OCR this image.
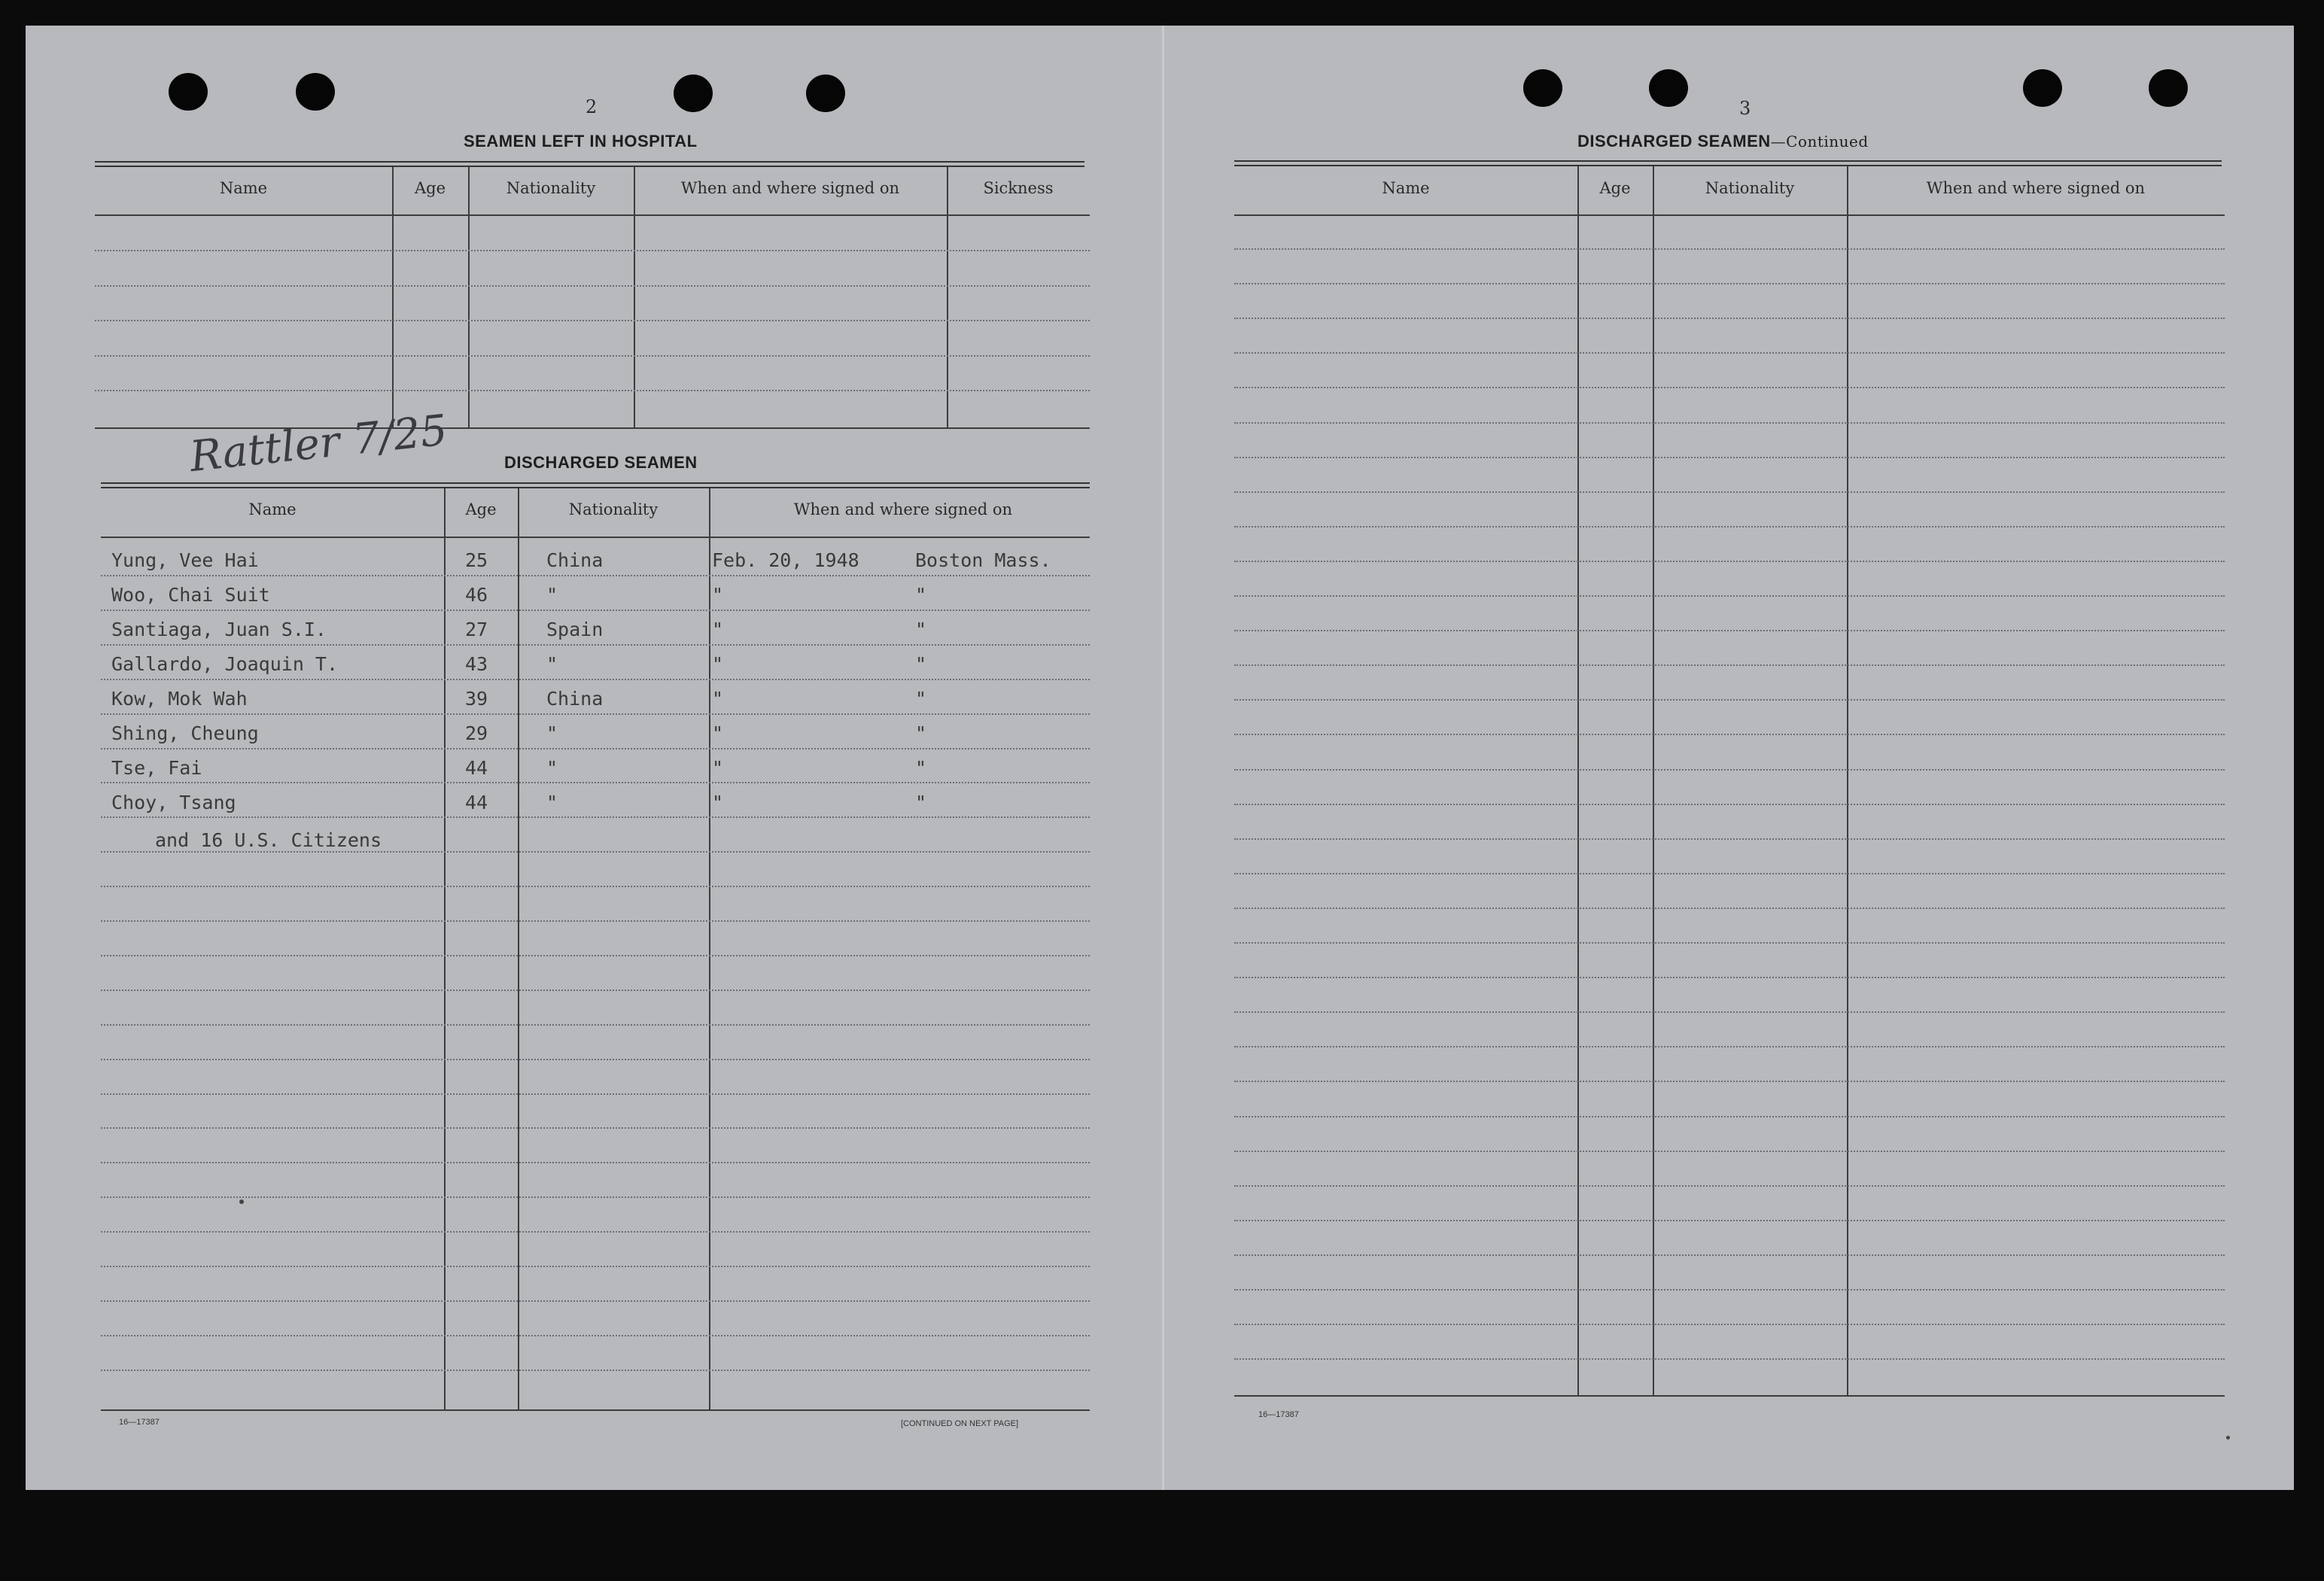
2
SEAMEN LEFT IN HOSPITAL
Name	Age	Nationality	When and where signed on	Sickness
Rattler 7/25	DISCHARGED SEAMEN
Name	Age	Nationality	When and where signed on
Yung, Vee Hai	25	China	Feb. 20, 1948	Boston Mass.
Woo, Chai Suit	46	"	"	"
Santiaga, Juan S.I.	27	Spain	"	"
Gallardo, Joaquin T.	43	"	"	"
Kow, Mok Wah	39	China	"	"
Shing, Cheung	29	"	"	"
Tse, Fai	44	"	"	"
Choy, Tsang	44	"	"	"
and 16 U.S. Citizens
16—17387	[CONTINUED ON NEXT PAGE]
3
DISCHARGED SEAMEN—Continued
Name	Age	Nationality	When and where signed on
16—17387
